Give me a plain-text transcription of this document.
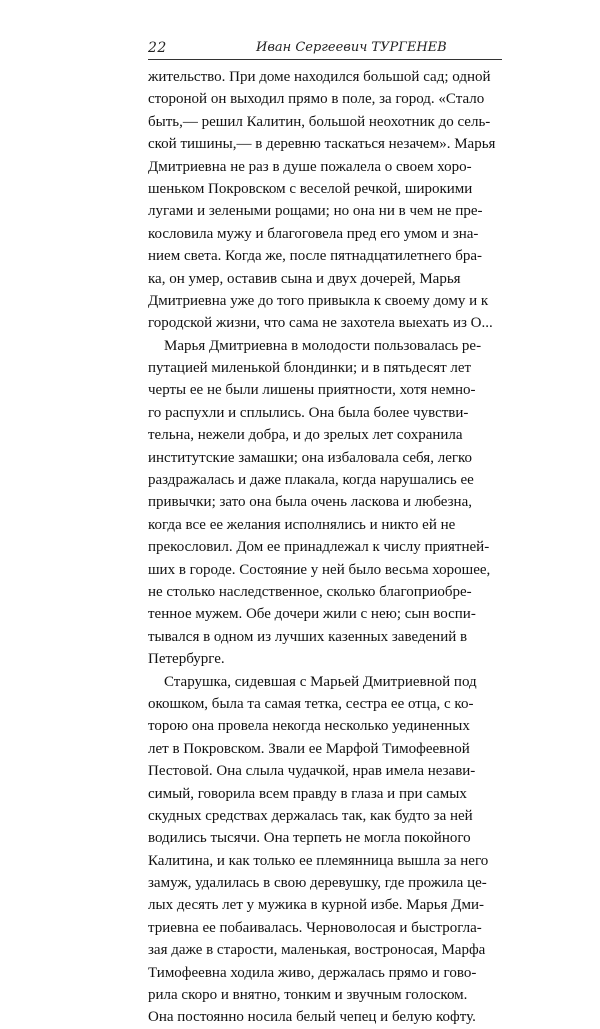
22	Иван Сергеевич ТУРГЕНЕВ
жительство. При доме находился большой сад; одной
стороной он выходил прямо в поле, за город. «Стало
быть,— решил Калитин, большой неохотник до сель-
ской тишины,— в деревню таскаться незачем». Марья
Дмитриевна не раз в душе пожалела о своем хоро-
шеньком Покровском с веселой речкой, широкими
лугами и зелеными рощами; но она ни в чем не пре-
кословила мужу и благоговела пред его умом и зна-
нием света. Когда же, после пятнадцатилетнего бра-
ка, он умер, оставив сына и двух дочерей, Марья
Дмитриевна уже до того привыкла к своему дому и к
городской жизни, что сама не захотела выехать из О...
Марья Дмитриевна в молодости пользовалась ре-
путацией миленькой блондинки; и в пятьдесят лет
черты ее не были лишены приятности, хотя немно-
го распухли и сплылись. Она была более чувстви-
тельна, нежели добра, и до зрелых лет сохранила
институтские замашки; она избаловала себя, легко
раздражалась и даже плакала, когда нарушались ее
привычки; зато она была очень ласкова и любезна,
когда все ее желания исполнялись и никто ей не
прекословил. Дом ее принадлежал к числу приятней-
ших в городе. Состояние у ней было весьма хорошее,
не столько наследственное, сколько благоприобре-
тенное мужем. Обе дочери жили с нею; сын воспи-
тывался в одном из лучших казенных заведений в
Петербурге.
Старушка, сидевшая с Марьей Дмитриевной под
окошком, была та самая тетка, сестра ее отца, с ко-
торою она провела некогда несколько уединенных
лет в Покровском. Звали ее Марфой Тимофеевной
Пестовой. Она слыла чудачкой, нрав имела незави-
симый, говорила всем правду в глаза и при самых
скудных средствах держалась так, как будто за ней
водились тысячи. Она терпеть не могла покойного
Калитина, и как только ее племянница вышла за него
замуж, удалилась в свою деревушку, где прожила це-
лых десять лет у мужика в курной избе. Марья Дми-
триевна ее побаивалась. Черноволосая и быстрогла-
зая даже в старости, маленькая, востроносая, Марфа
Тимофеевна ходила живо, держалась прямо и гово-
рила скоро и внятно, тонким и звучным голоском.
Она постоянно носила белый чепец и белую кофту.
